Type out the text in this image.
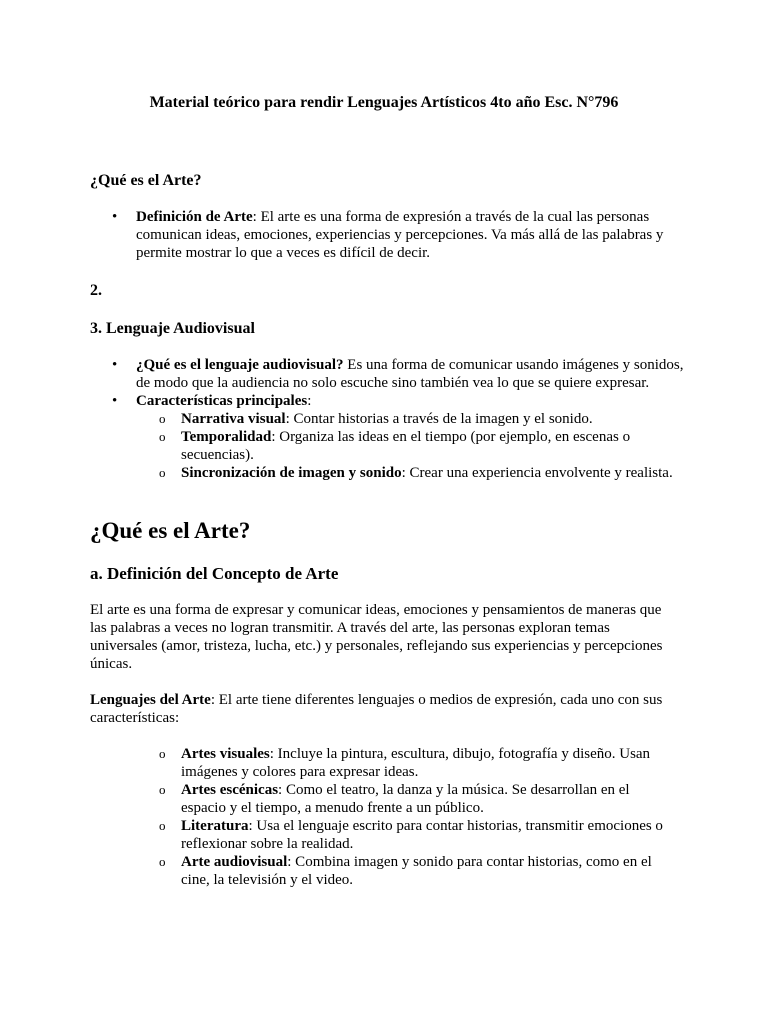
Material teórico para rendir Lenguajes Artísticos 4to año Esc. N°796
¿Qué es el Arte?
• Definición de Arte: El arte es una forma de expresión a través de la cual las personas comunican ideas, emociones, experiencias y percepciones. Va más allá de las palabras y permite mostrar lo que a veces es difícil de decir.
2.
3. Lenguaje Audiovisual
• ¿Qué es el lenguaje audiovisual? Es una forma de comunicar usando imágenes y sonidos, de modo que la audiencia no solo escuche sino también vea lo que se quiere expresar.
• Características principales:
o Narrativa visual: Contar historias a través de la imagen y el sonido.
o Temporalidad: Organiza las ideas en el tiempo (por ejemplo, en escenas o secuencias).
o Sincronización de imagen y sonido: Crear una experiencia envolvente y realista.
¿Qué es el Arte?
a. Definición del Concepto de Arte
El arte es una forma de expresar y comunicar ideas, emociones y pensamientos de maneras que las palabras a veces no logran transmitir. A través del arte, las personas exploran temas universales (amor, tristeza, lucha, etc.) y personales, reflejando sus experiencias y percepciones únicas.
Lenguajes del Arte: El arte tiene diferentes lenguajes o medios de expresión, cada uno con sus características:
o Artes visuales: Incluye la pintura, escultura, dibujo, fotografía y diseño. Usan imágenes y colores para expresar ideas.
o Artes escénicas: Como el teatro, la danza y la música. Se desarrollan en el espacio y el tiempo, a menudo frente a un público.
o Literatura: Usa el lenguaje escrito para contar historias, transmitir emociones o reflexionar sobre la realidad.
o Arte audiovisual: Combina imagen y sonido para contar historias, como en el cine, la televisión y el video.
